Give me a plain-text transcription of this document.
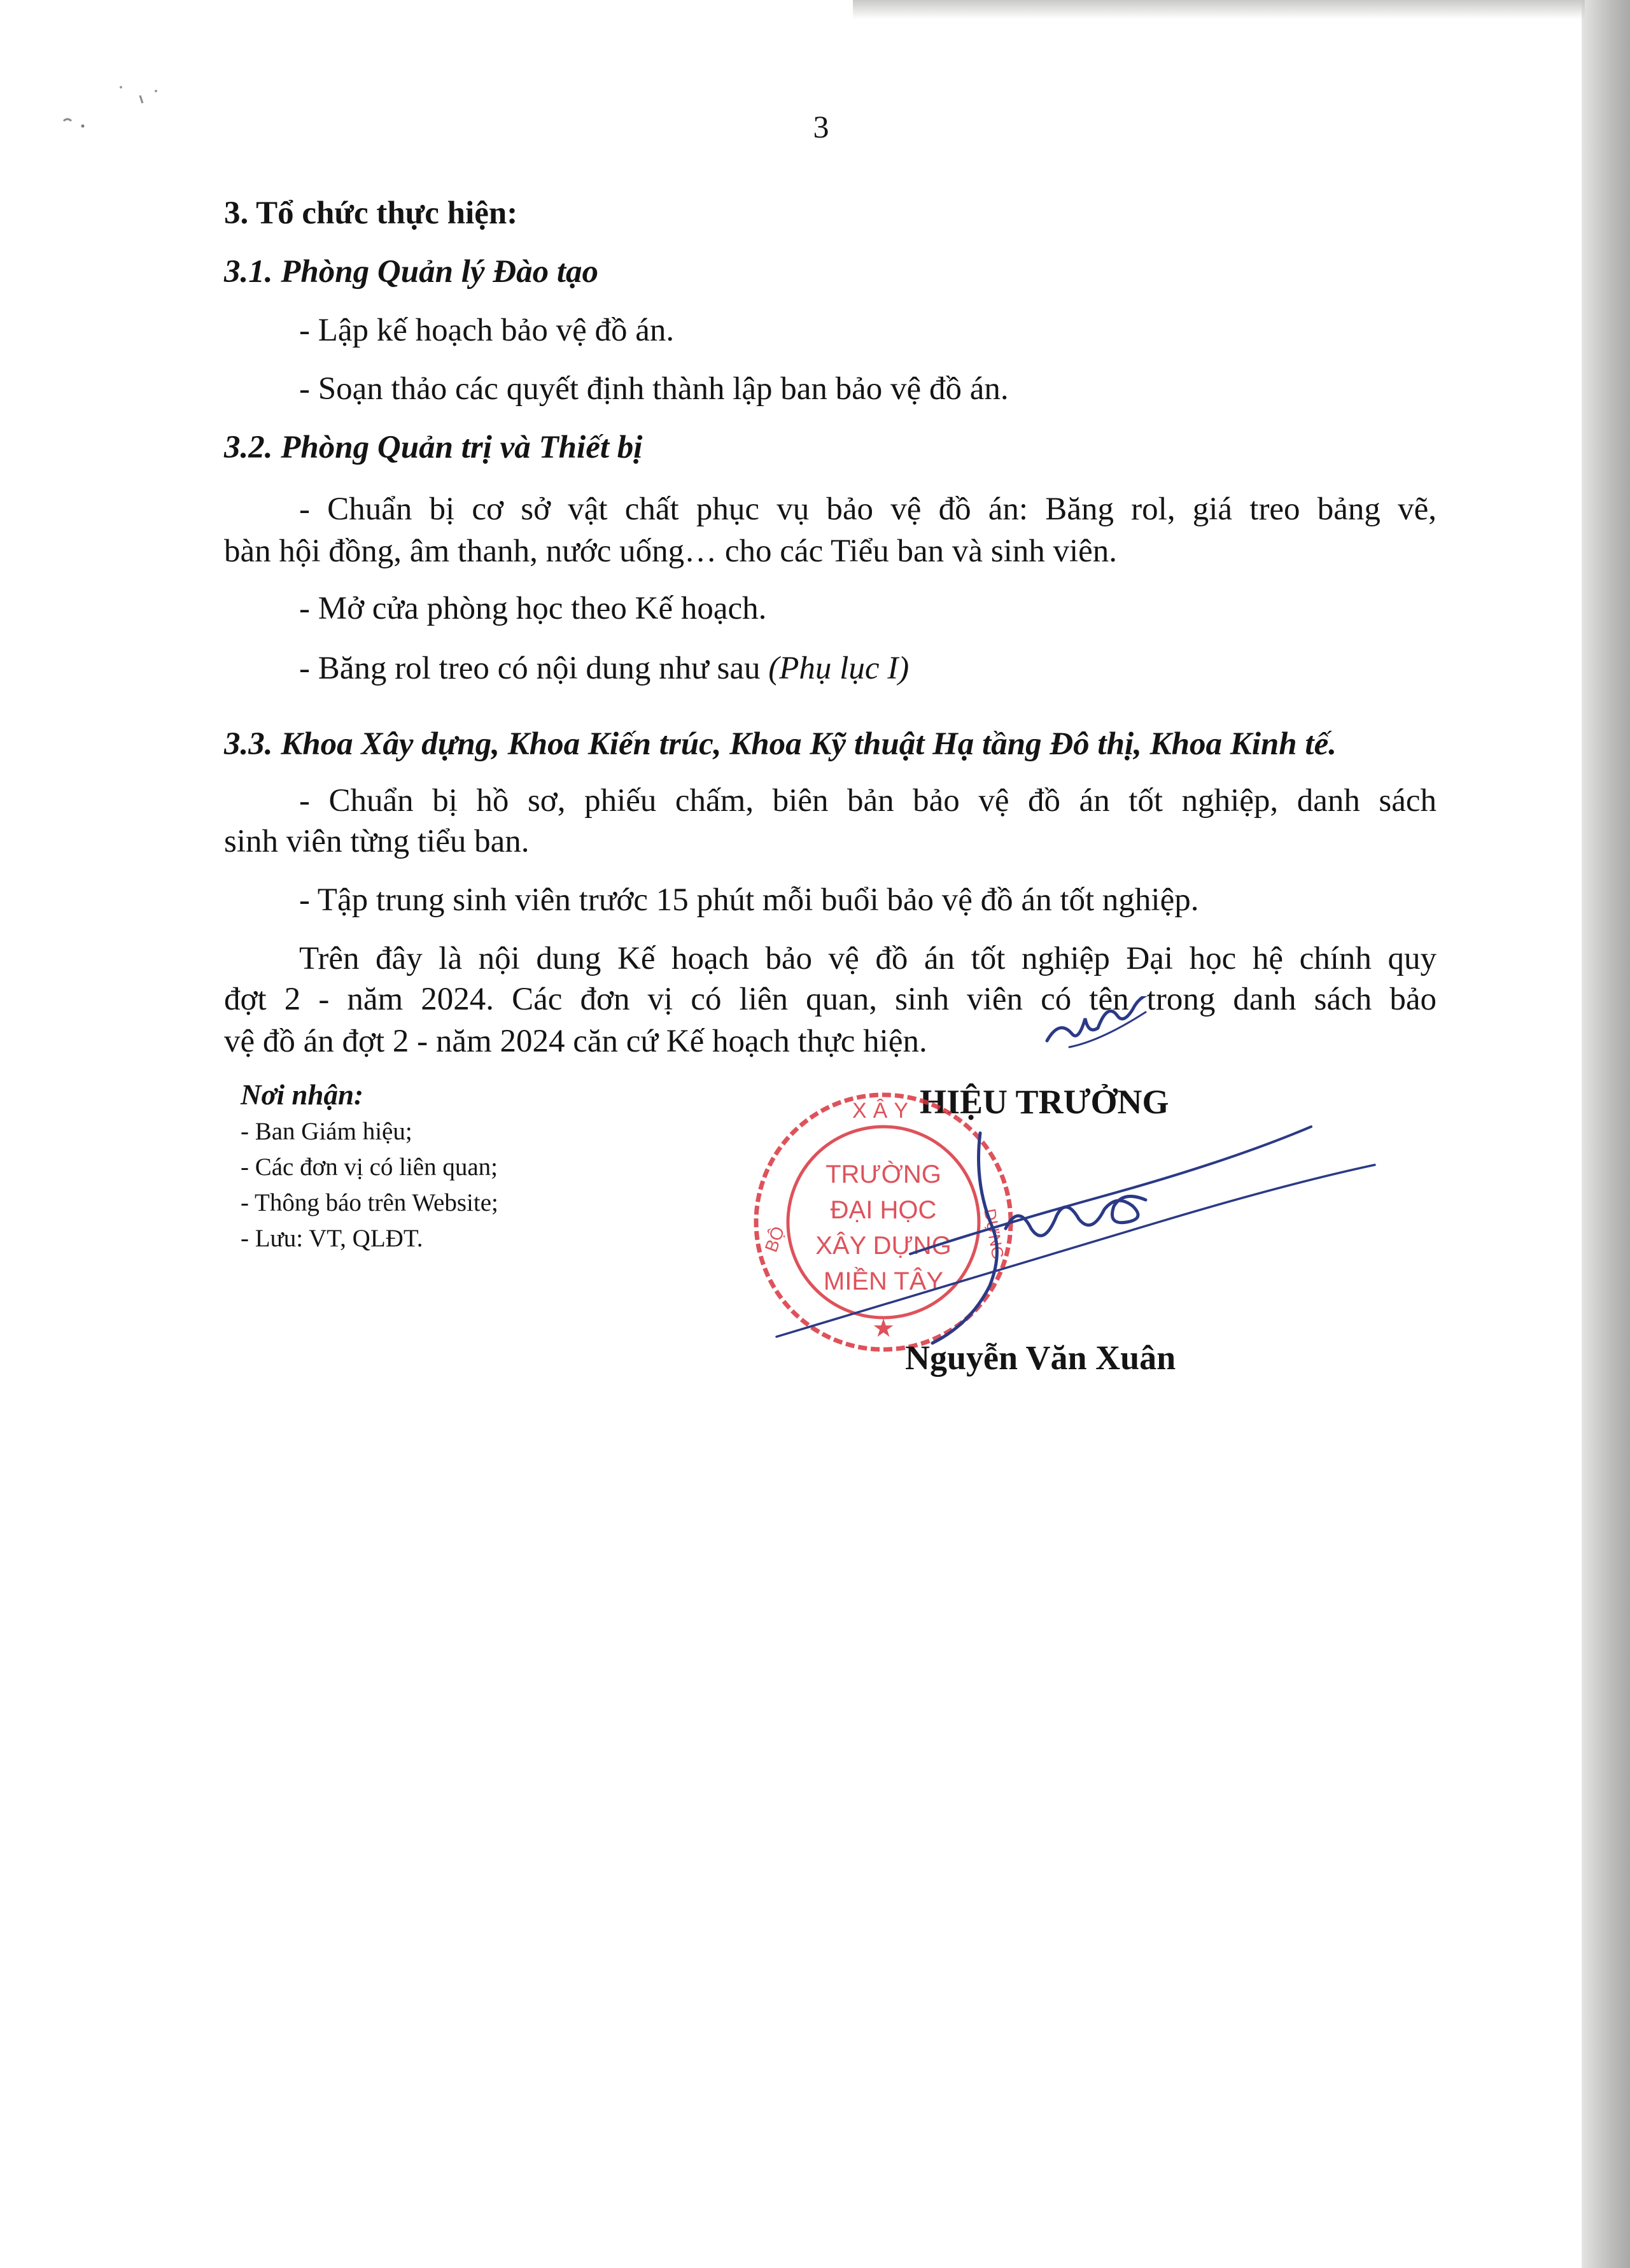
3
3. Tổ chức thực hiện:
3.1. Phòng Quản lý Đào tạo
- Lập kế hoạch bảo vệ đồ án.
- Soạn thảo các quyết định thành lập ban bảo vệ đồ án.
3.2. Phòng Quản trị và Thiết bị
- Chuẩn bị cơ sở vật chất phục vụ bảo vệ đồ án: Băng rol, giá treo bảng vẽ,
bàn hội đồng, âm thanh, nước uống… cho các Tiểu ban và sinh viên.
- Mở cửa phòng học theo Kế hoạch.
- Băng rol treo có nội dung như sau (Phụ lục I)
3.3. Khoa Xây dựng, Khoa Kiến trúc, Khoa Kỹ thuật Hạ tầng Đô thị, Khoa Kinh tế.
- Chuẩn bị hồ sơ, phiếu chấm, biên bản bảo vệ đồ án tốt nghiệp, danh sách
sinh viên từng tiểu ban.
- Tập trung sinh viên trước 15 phút mỗi buổi bảo vệ đồ án tốt nghiệp.
Trên đây là nội dung Kế hoạch bảo vệ đồ án tốt nghiệp Đại học hệ chính quy
đợt 2 - năm 2024. Các đơn vị có liên quan, sinh viên có tên trong danh sách bảo
vệ đồ án đợt 2 - năm 2024 căn cứ Kế hoạch thực hiện.
Nơi nhận:
- Ban Giám hiệu;
- Các đơn vị có liên quan;
- Thông báo trên Website;
- Lưu: VT, QLĐT.
HIỆU TRƯỞNG
XÂY
BỘ	DỰNG
TRƯỜNG
ĐẠI HỌC
XÂY DỰNG
MIỀN TÂY
★
Nguyễn Văn Xuân
